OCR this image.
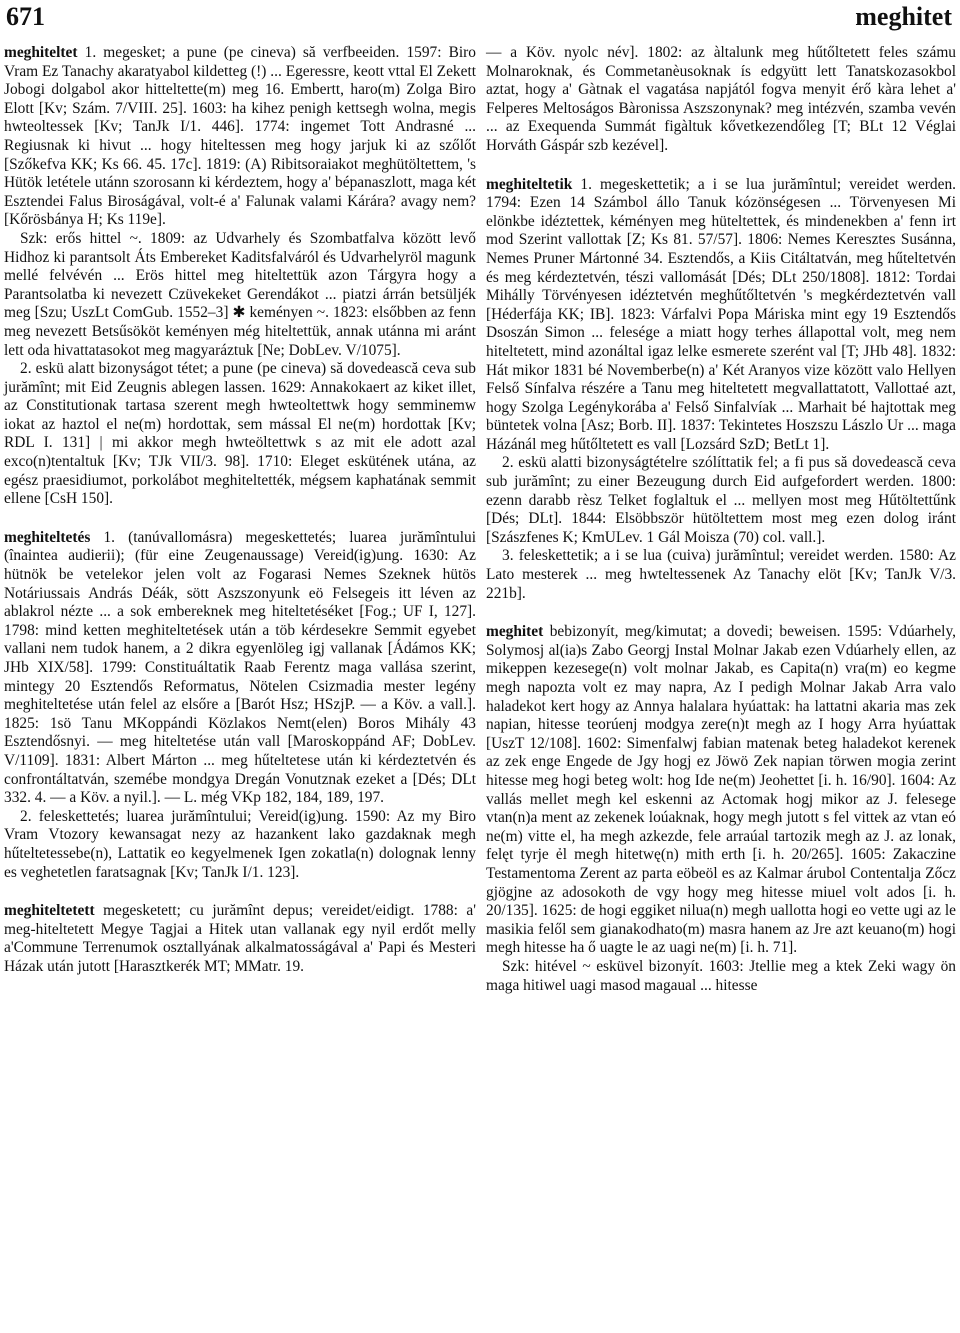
671	meghitet

meghiteltet 1. megesket; a pune (pe cineva) să verfbeeiden. 1597: Biro Vram Ez Tanachy akaratyabol kildetteg (!) ... Egeressre, keott vttal El Zekett Jobogi dolgabol akor hitteltette(m) meg 16. Embertt, haro(m) Zolga Biro Elott [Kv; Szám. 7/VIII. 25]. 1603: ha kihez penigh kettsegh wolna, megis hwteoltessek [Kv; TanJk I/1. 446]. 1774: ingemet Tott Andrasné ... Regiusnak ki hivut ... hogy hiteltessen meg hogy jarjuk ki az szőlőt [Szőkefva KK; Ks 66. 45. 17c]. 1819: (A) Ribitsoraiakot meghütöltettem, 's Hütök letétele utánn szorosann ki kérdeztem, hogy a' bépanaszlott, maga két Esztendei Falus Biroságával, volt-é a' Falunak valami Kárára? avagy nem? [Kőrösbánya H; Ks 119e].

Szk: erős hittel ~. 1809: az Udvarhely és Szombatfalva között levő Hidhoz ki parantsolt Áts Embereket Kaditsfalváról és Udvarhelyröl magunk mellé felvévén ... Erös hittel meg hiteltettük azon Tárgyra hogy a Parantsolatba ki nevezett Czüvekeket Gerendákot ... piatzi árrán betsüljék meg [Szu; UszLt ComGub. 1552–3] ✱ keményen ~. 1823: elsőbben az fenn meg nevezett Betsűsököt keményen még hiteltettük, annak utánna mi aránt lett oda hivattatasokot meg magyaráztuk [Ne; DobLev. V/1075].

2. eskü alatt bizonyságot tétet; a pune (pe cineva) să dovedească ceva sub jurămînt; mit Eid Zeugnis ablegen lassen. 1629: Annakokaert az kiket illet, az Constitutionak tartasa szerent megh hwteoltettwk hogy semminemw iokat az haztol el ne(m) hordottak, sem mással El ne(m) hordottak [Kv; RDL I. 131] | mi akkor megh hwteöltettwk s az mit ele adott azal exco(n)tentaltuk [Kv; TJk VII/3. 98]. 1710: Eleget eskütének utána, az egész praesidiumot, porkolábot meghiteltették, mégsem kaphatának semmit ellene [CsH 150].

meghiteltetés 1. (tanúvallomásra) megeskettetés; luarea jurămîntului (înaintea audierii); (für eine Zeugenaussage) Vereid(ig)ung. 1630: Az hütnök be vetelekor jelen volt az Fogarasi Nemes Szeknek hütös Notáriussais András Déák, sött Aszszonyunk eö Felsegeis itt léven az ablakrol nézte ... a sok embereknek meg hiteltetéséket [Fog.; UF I, 127]. 1798: mind ketten meghiteltetések után a töb kérdesekre Semmit egyebet vallani nem tudok hanem, a 2 dikra egyenlöleg igj vallanak [Ádámos KK; JHb XIX/58]. 1799: Constituáltatik Raab Ferentz maga vallása szerint, mintegy 20 Esztendős Reformatus, Nötelen Csizmadia mester legény meghiteltetése után felel az elsőre a [Barót Hsz; HSzjP. — a Köv. a vall.]. 1825: 1sö Tanu MKoppándi Közlakos Nemt(elen) Boros Mihály 43 Esztendősnyi. — meg hiteltetése után vall [Maroskoppánd AF; DobLev. V/1109]. 1831: Albert Márton ... meg hűteltetese után ki kérdeztetvén és confrontáltatván, szemébe mondgya Dregán Vonutznak ezeket a [Dés; DLt 332. 4. — a Köv. a nyil.]. — L. még VKp 182, 184, 189, 197.

2. feleskettetés; luarea jurămîntului; Vereid(ig)ung. 1590: Az my Biro Vram Vtozory kewansagat nezy az hazankent lako gazdaknak megh hűteltetessebe(n), Lattatik eo kegyelmenek Igen zokatla(n) dolognak lenny es veghetetlen faratsagnak [Kv; TanJk I/1. 123].

meghiteltetett megesketett; cu jurămînt depus; vereidet/eidigt. 1788: a' meg-hiteltetett Megye Tagjai a Hitek utan vallanak egy nyil erdőt melly a'Commune Terrenumok osztallyának alkalmatosságával a' Papi és Mesteri Házak után jutott [Harasztkerék MT; MMatr. 19.

— a Köv. nyolc név]. 1802: az àltalunk meg hűtőltetett feles számu Molnaroknak, és Commetanèusoknak ís edgyütt lett Tanatskozasokbol aztat, hogy a' Gàtnak el vagatása napjától fogva menyit érő kàra lehet a' Felperes Meltoságos Bàronissa Aszszonynak? meg intézvén, szamba vevén ... az Exequenda Summát figàltuk kővetkezendőleg [T; BLt 12 Véglai Horváth Gáspár szb kezével].

meghiteltetik 1. megeskettetik; a i se lua jurămîntul; vereidet werden. 1794: Ezen 14 Számbol állo Tanuk kózönségesen ... Törvenyesen Mi elönkbe idéztettek, kéményen meg hüteltettek, és mindenekben a' fenn irt mod Szerint vallottak [Z; Ks 81. 57/57]. 1806: Nemes Keresztes Susánna, Nemes Pruner Mártonné 34. Esztendős, a Kiis Citáltatván, meg hűteltetvén és meg kérdeztetvén, tészi vallomását [Dés; DLt 250/1808]. 1812: Tordai Mihálly Törvényesen idéztetvén meghűtőltetvén 's megkérdeztetvén vall [Héderfája KK; IB]. 1823: Várfalvi Popa Máriska mint egy 19 Esztendős Dsoszán Simon ... felesége a miatt hogy terhes állapottal volt, meg nem hiteltetett, mind azonáltal igaz lelke esmerete szerént val [T; JHb 48]. 1832: Hát mikor 1831 bé Novemberbe(n) a' Két Aranyos vize között valo Hellyen Felső Sínfalva részére a Tanu meg hiteltetett megvallattatott, Vallottaé azt, hogy Szolga Legénykorába a' Felső Sinfalvíak ... Marhait bé hajtottak meg büntetek volna [Asz; Borb. II]. 1837: Tekintetes Hoszszu Lászlo Ur ... maga Házánál meg hűtőltetett es vall [Lozsárd SzD; BetLt 1].

2. eskü alatti bizonyságtételre szólíttatik fel; a fi pus să dovedească ceva sub jurămînt; zu einer Bezeugung durch Eid aufgefordert werden. 1800: ezenn darabb rèsz Telket foglaltuk el ... mellyen most meg Hűtöltettűnk [Dés; DLt]. 1844: Elsöbbször hütöltettem most meg ezen dolog iránt [Szászfenes K; KmULev. 1 Gál Moisza (70) col. vall.].

3. feleskettetik; a i se lua (cuiva) jurămîntul; vereidet werden. 1580: Az Lato mesterek ... meg hwteltessenek Az Tanachy elöt [Kv; TanJk V/3. 221b].

meghitet bebizonyít, meg/kimutat; a dovedi; beweisen. 1595: Vdúarhely, Solymosj al(ia)s Zabo Georgj Instal Molnar Jakab ezen Vdúarhely ellen, az mikeppen kezesege(n) volt molnar Jakab, es Capita(n) vra(m) eo kegme megh napozta volt ez may napra, Az I pedigh Molnar Jakab Arra valo haladekot kert hogy az Annya halalara hyúattak: ha lattatni akaria mas zek napian, hitesse teorúenj modgya zere(n)t megh az I hogy Arra hyúattak [UszT 12/108]. 1602: Simenfalwj fabian matenak beteg haladekot kerenek az zek enge Engede de Jgy hogj ez Jöwö Zek napian törwen mogia zerint hitesse meg hogi beteg wolt: hog Ide ne(m) Jeohettet [i. h. 16/90]. 1604: Az vallás mellet megh kel eskenni az Actomak hogj mikor az J. felesege vtan(n)a ment az zekenek loúaknak, hogy megh jutott s fel vittek az vtan eó ne(m) vitte el, ha megh azkezde, fele arraúal tartozik megh az J. az lonak, felęt tyrje ẻl megh hitetwę(n) mith erth [i. h. 20/265]. 1605: Zakaczine Testamentoma Zerent az parta eöbeöl es az Kalmar árubol Contentalja Zőcz gjögjne az adosokoth de vgy hogy meg hitesse miuel volt ados [i. h. 20/135]. 1625: de hogi eggiket nilua(n) megh uallotta hogi eo vette ugi az le masikia felől sem gianakodhato(m) masra hanem az Jre azt keuano(m) hogi megh hitesse ha ő uagte le az uagi ne(m) [i. h. 71].

Szk: hitével ~ esküvel bizonyít. 1603: Jtellie meg a ktek Zeki wagy ön maga hitiwel uagi masod magaual ... hitesse
